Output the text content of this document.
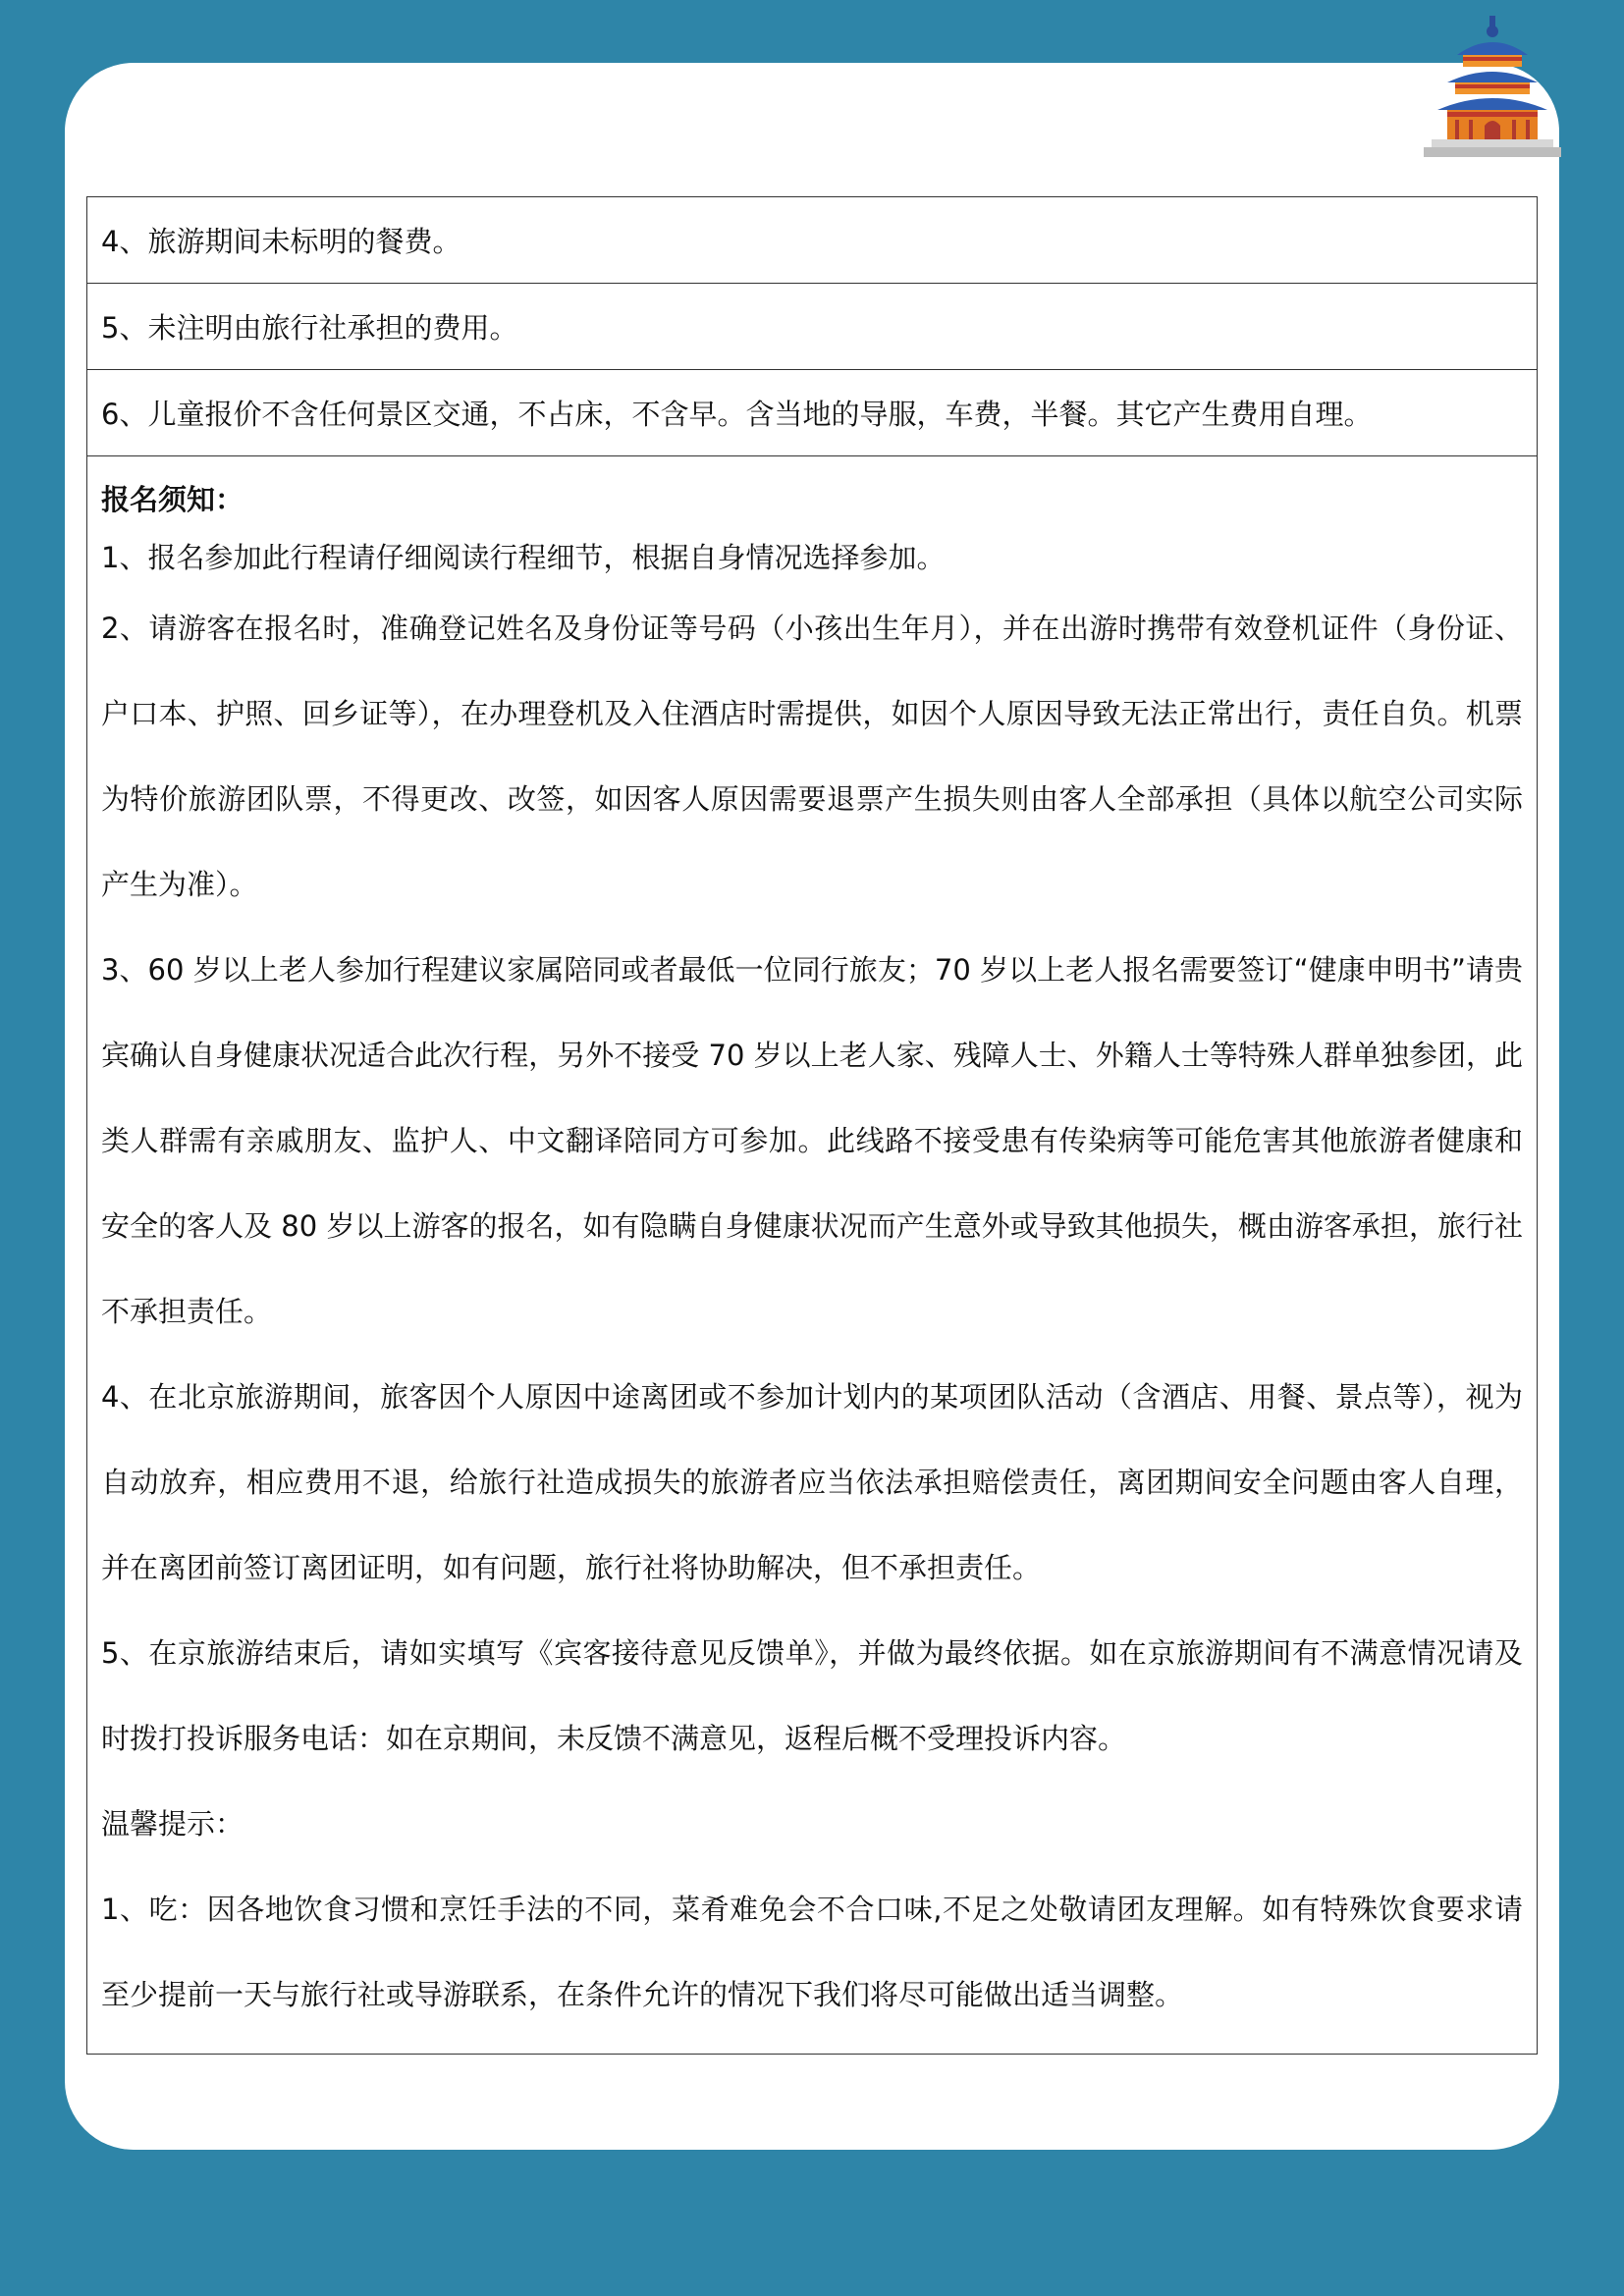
4、旅游期间未标明的餐费。
5、未注明由旅行社承担的费用。
6、儿童报价不含任何景区交通，不占床，不含早。含当地的导服，车费，半餐。其它产生费用自理。

报名须知：

1、报名参加此行程请仔细阅读行程细节，根据自身情况选择参加。

2、请游客在报名时，准确登记姓名及身份证等号码（小孩出生年月），并在出游时携带有效登机证件（身份证、户口本、护照、回乡证等），在办理登机及入住酒店时需提供，如因个人原因导致无法正常出行，责任自负。机票为特价旅游团队票，不得更改、改签，如因客人原因需要退票产生损失则由客人全部承担（具体以航空公司实际产生为准）。

3、60 岁以上老人参加行程建议家属陪同或者最低一位同行旅友；70 岁以上老人报名需要签订“健康申明书”请贵宾确认自身健康状况适合此次行程，另外不接受 70 岁以上老人家、残障人士、外籍人士等特殊人群单独参团，此类人群需有亲戚朋友、监护人、中文翻译陪同方可参加。此线路不接受患有传染病等可能危害其他旅游者健康和安全的客人及 80 岁以上游客的报名，如有隐瞒自身健康状况而产生意外或导致其他损失，概由游客承担，旅行社不承担责任。

4、在北京旅游期间，旅客因个人原因中途离团或不参加计划内的某项团队活动（含酒店、用餐、景点等），视为自动放弃，相应费用不退，给旅行社造成损失的旅游者应当依法承担赔偿责任，离团期间安全问题由客人自理，并在离团前签订离团证明，如有问题，旅行社将协助解决，但不承担责任。

5、在京旅游结束后，请如实填写《宾客接待意见反馈单》，并做为最终依据。如在京旅游期间有不满意情况请及时拨打投诉服务电话：如在京期间，未反馈不满意见，返程后概不受理投诉内容。

温馨提示：

1、吃：因各地饮食习惯和烹饪手法的不同，菜肴难免会不合口味,不足之处敬请团友理解。如有特殊饮食要求请至少提前一天与旅行社或导游联系，在条件允许的情况下我们将尽可能做出适当调整。
